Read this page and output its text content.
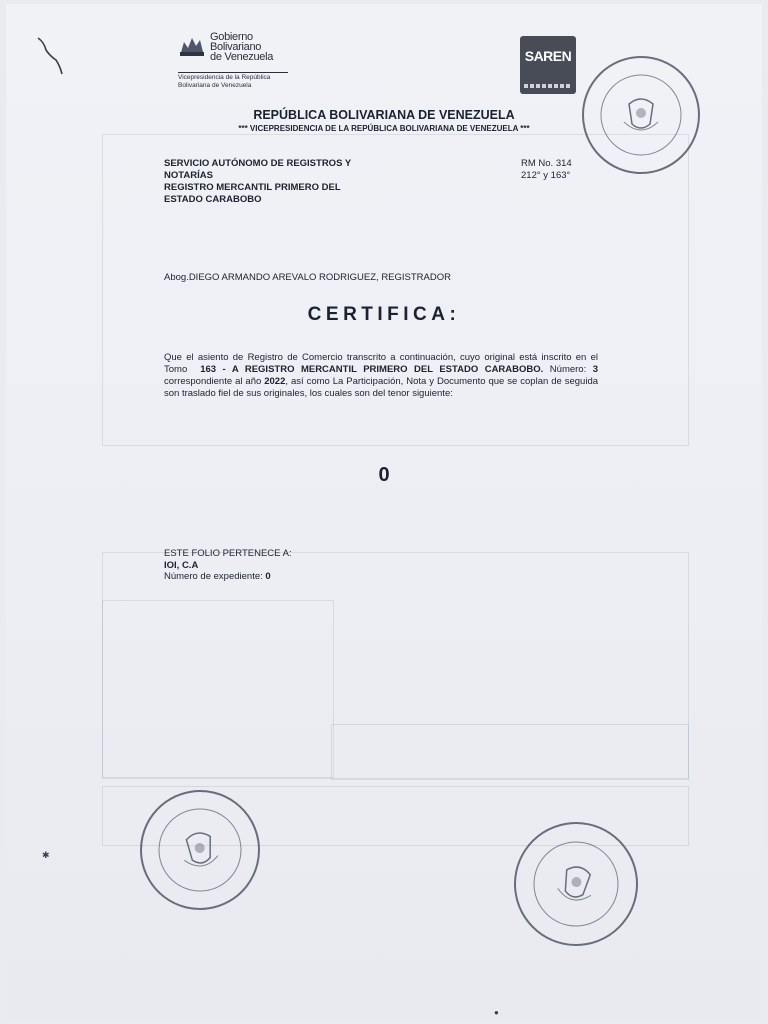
Gobierno
Bolivariano
de Venezuela
Vicepresidencia de la República
Bolivariana de Venezuela
SAREN
REPÚBLICA BOLIVARIANA DE VENEZUELA
*** VICEPRESIDENCIA DE LA REPÚBLICA BOLIVARIANA DE VENEZUELA ***
SERVICIO AUTÓNOMO DE REGISTROS Y
NOTARÍAS
REGISTRO MERCANTIL PRIMERO DEL
ESTADO CARABOBO
RM No. 314
212° y 163°
Abog.DIEGO ARMANDO AREVALO RODRIGUEZ, REGISTRADOR
CERTIFICA:
Que el asiento de Registro de Comercio transcrito a continuación, cuyo original está inscrito en el Tomo 163 - A REGISTRO MERCANTIL PRIMERO DEL ESTADO CARABOBO. Número: 3 correspondiente al año 2022, así como La Participación, Nota y Documento que se coplan de seguida son traslado fiel de sus originales, los cuales son del tenor siguiente:
0
ESTE FOLIO PERTENECE A:
IOI, C.A
Número de expediente: 0
✱
●
